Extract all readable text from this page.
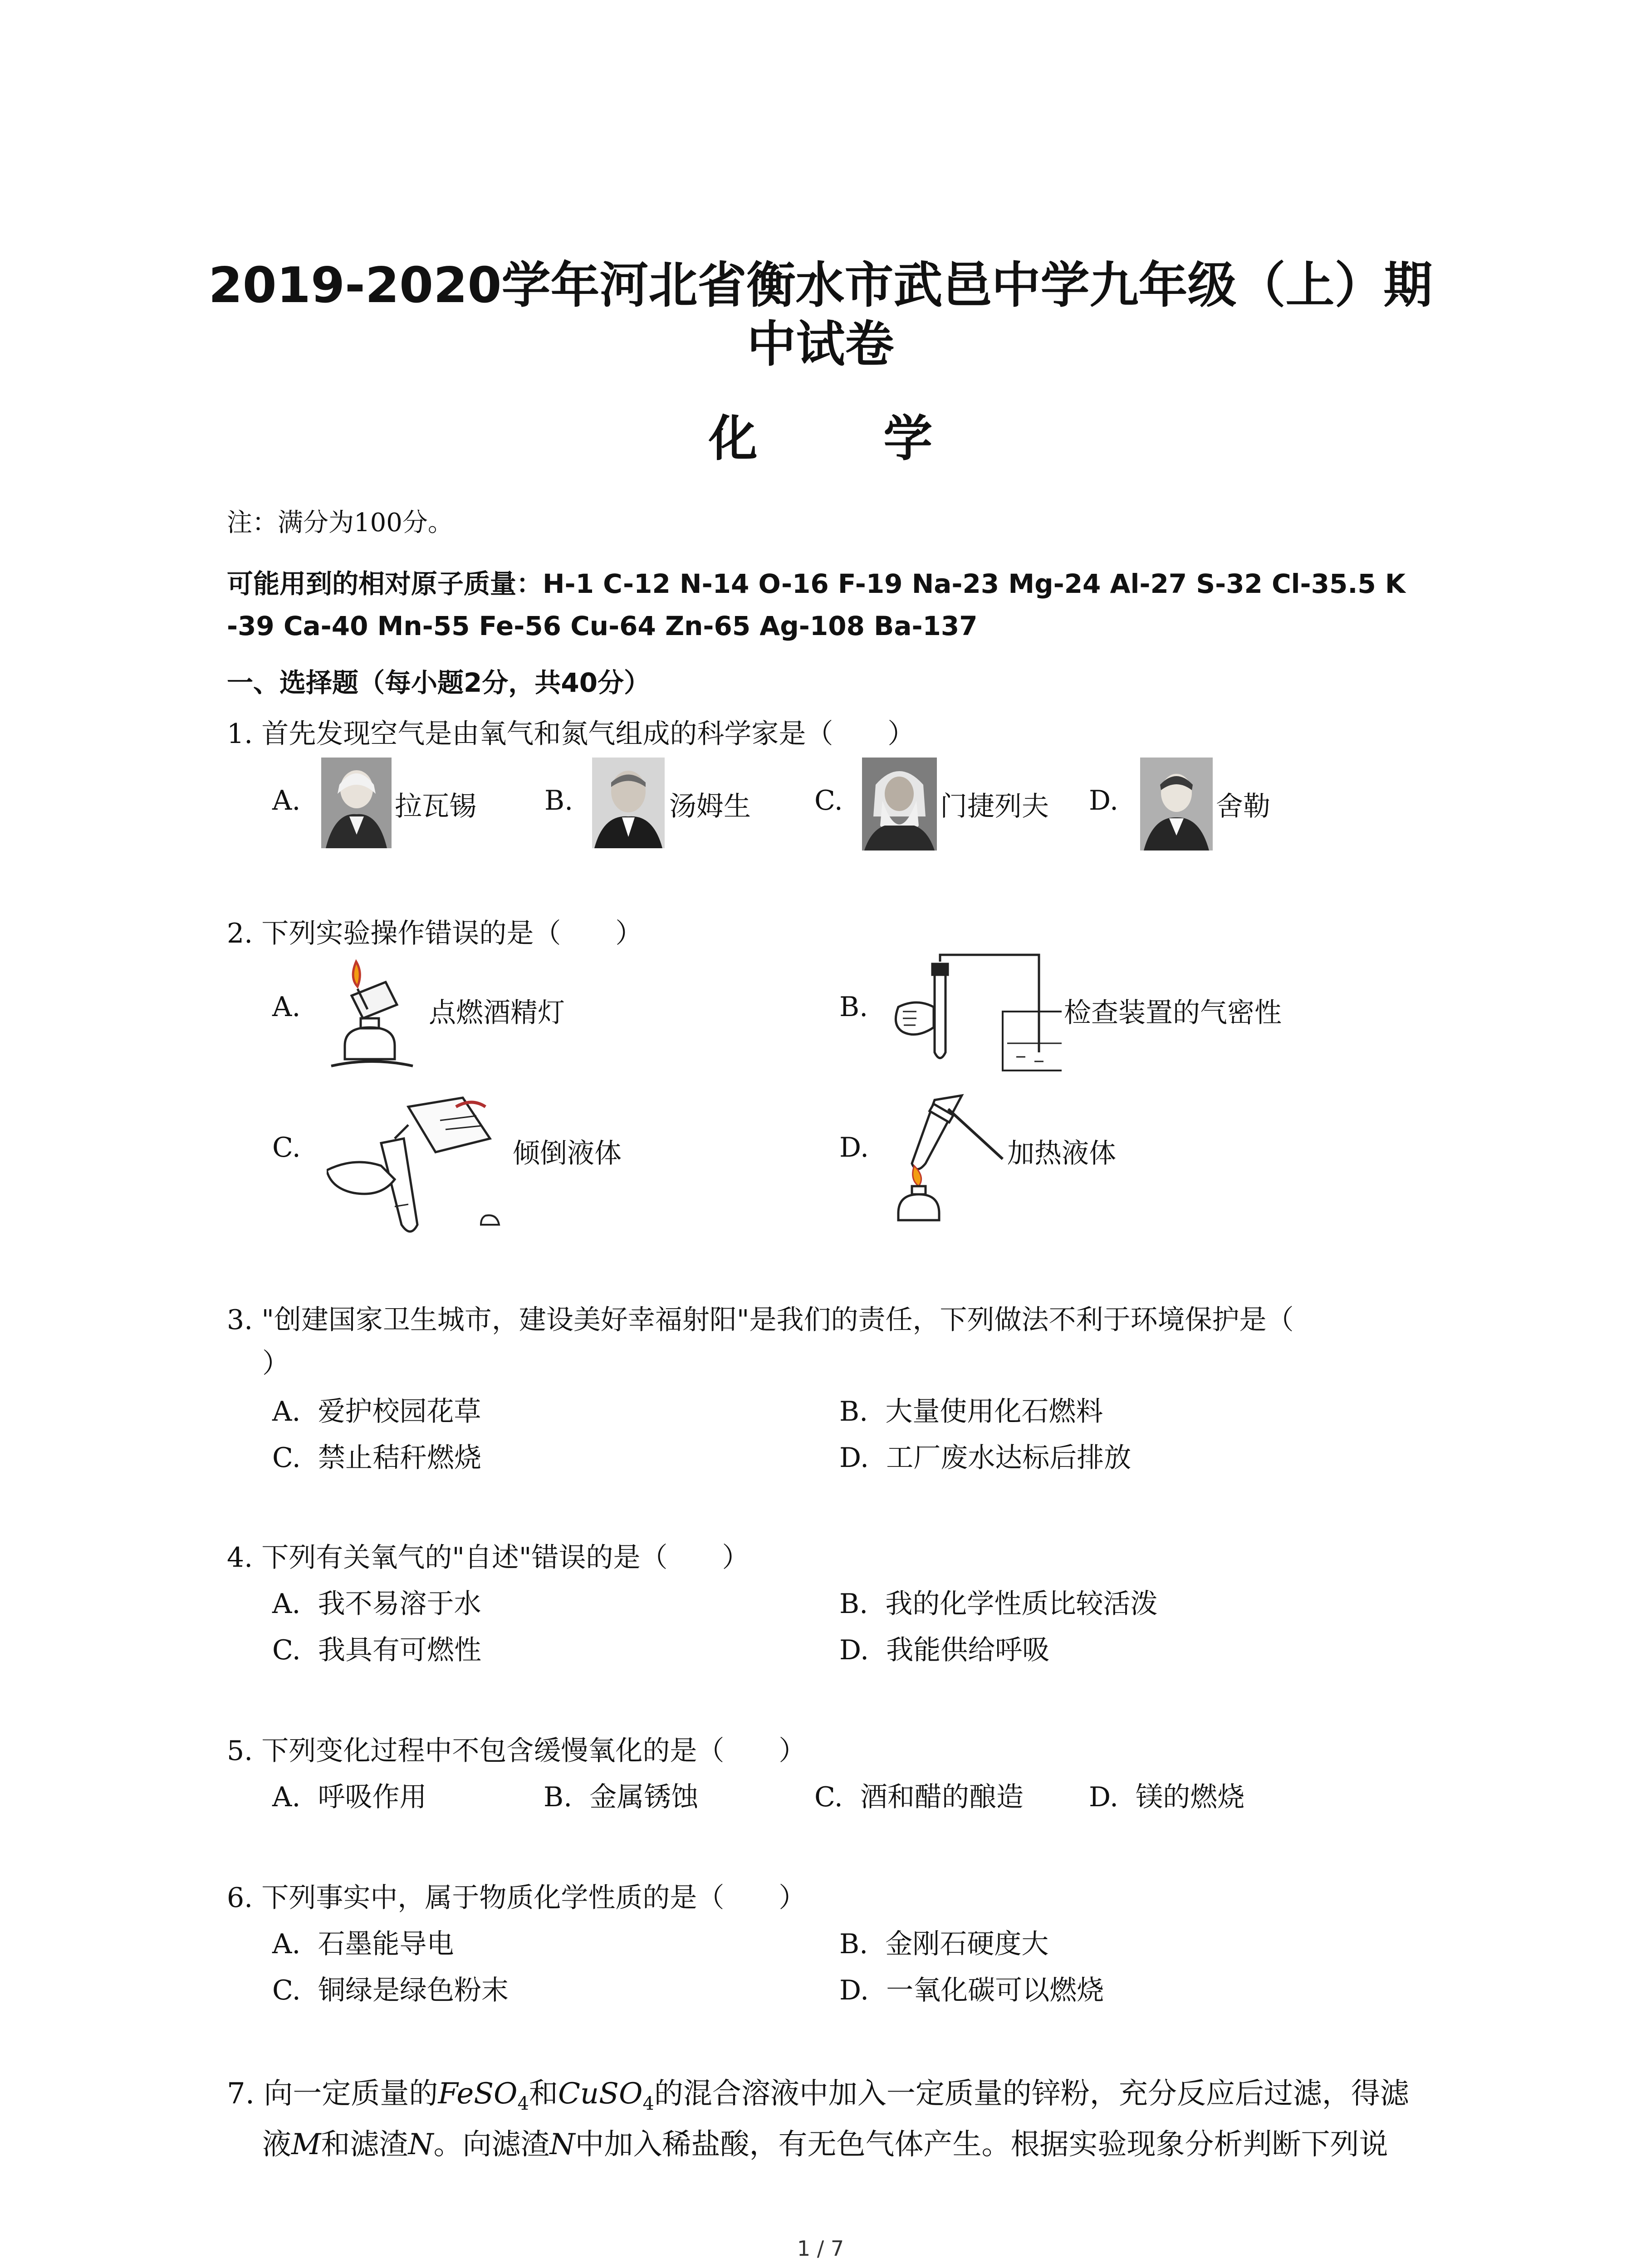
2019-2020学年河北省衡水市武邑中学九年级（上）期
中试卷
化 学
注：满分为100分。
可能用到的相对原子质量：H-1 C-12 N-14 O-16 F-19 Na-23 Mg-24 Al-27 S-32 Cl-35.5 K
-39 Ca-40 Mn-55 Fe-56 Cu-64 Zn-65 Ag-108 Ba-137
一、选择题（每小题2分，共40分）
1. 首先发现空气是由氧气和氮气组成的科学家是（　　）
A.	拉瓦锡	B.	汤姆生 C.	门捷列夫 D.	舍勒
2. 下列实验操作错误的是（　　）
A.	点燃酒精灯	B.	检查装置的气密性
C.	倾倒液体	D.	加热液体
3. "创建国家卫生城市，建设美好幸福射阳"是我们的责任，下列做法不利于环境保护是（
）
A. 爱护校园花草	B. 大量使用化石燃料
C. 禁止秸秆燃烧	D. 工厂废水达标后排放
4. 下列有关氧气的"自述"错误的是（　　）
A. 我不易溶于水	B. 我的化学性质比较活泼
C. 我具有可燃性	D. 我能供给呼吸
5. 下列变化过程中不包含缓慢氧化的是（　　）
A. 呼吸作用	B. 金属锈蚀	C. 酒和醋的酿造 D. 镁的燃烧
6. 下列事实中，属于物质化学性质的是（　　）
A. 石墨能导电	B. 金刚石硬度大
C. 铜绿是绿色粉末	D. 一氧化碳可以燃烧
7. 向一定质量的FeSO$_4$和CuSO$_4$的混合溶液中加入一定质量的锌粉，充分反应后过滤，得滤
液M和滤渣N。向滤渣N中加入稀盐酸，有无色气体产生。根据实验现象分析判断下列说
1 / 7
